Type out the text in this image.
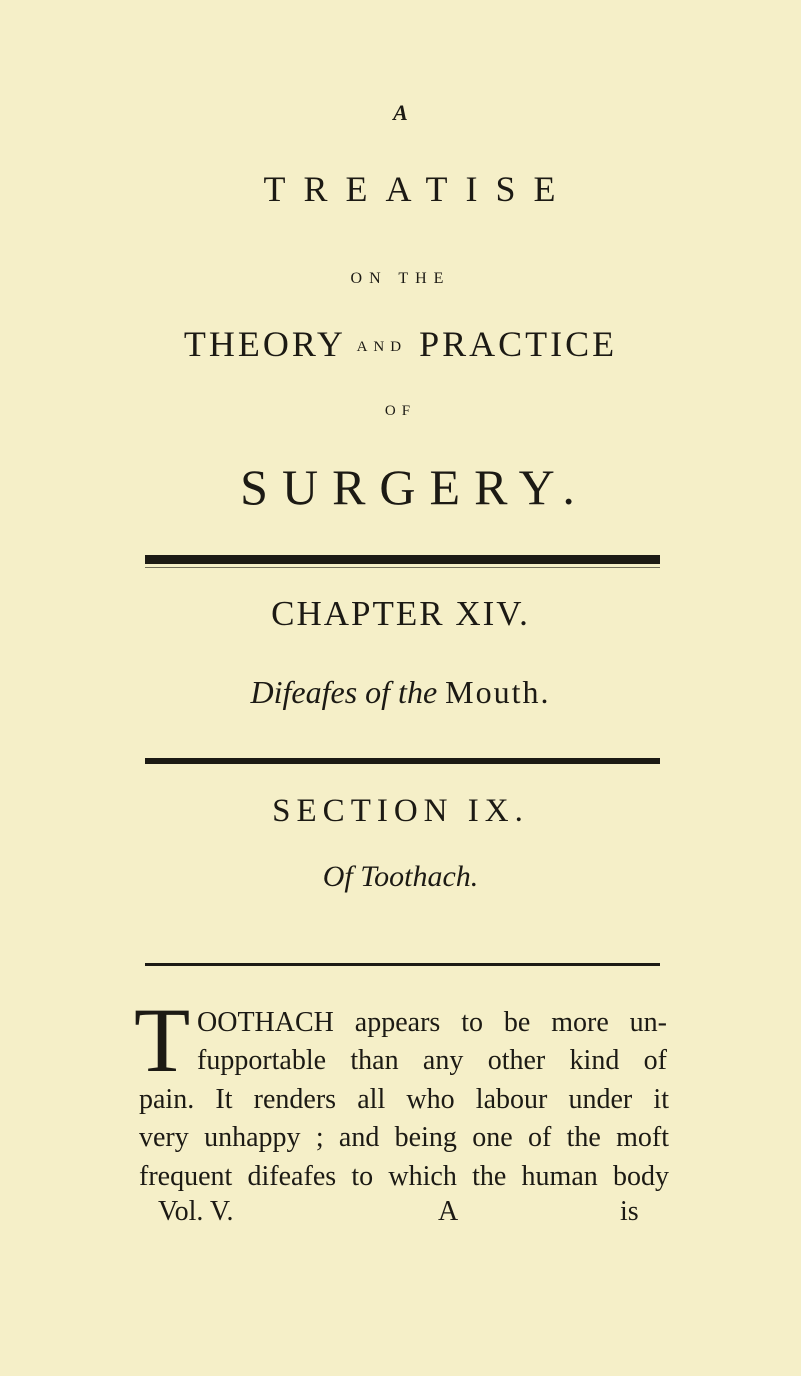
A
TREATISE
ON THE
THEORY AND PRACTICE
OF
SURGERY.
CHAPTER XIV.
Difeafes of the Mouth.
SECTION IX.
Of Toothach.
T OOTHACH appears to be more un-
fupportable than any other kind of
pain. It renders all who labour under it
very unhappy ; and being one of the moft
frequent difeafes to which the human body
Vol. V.	A	is
